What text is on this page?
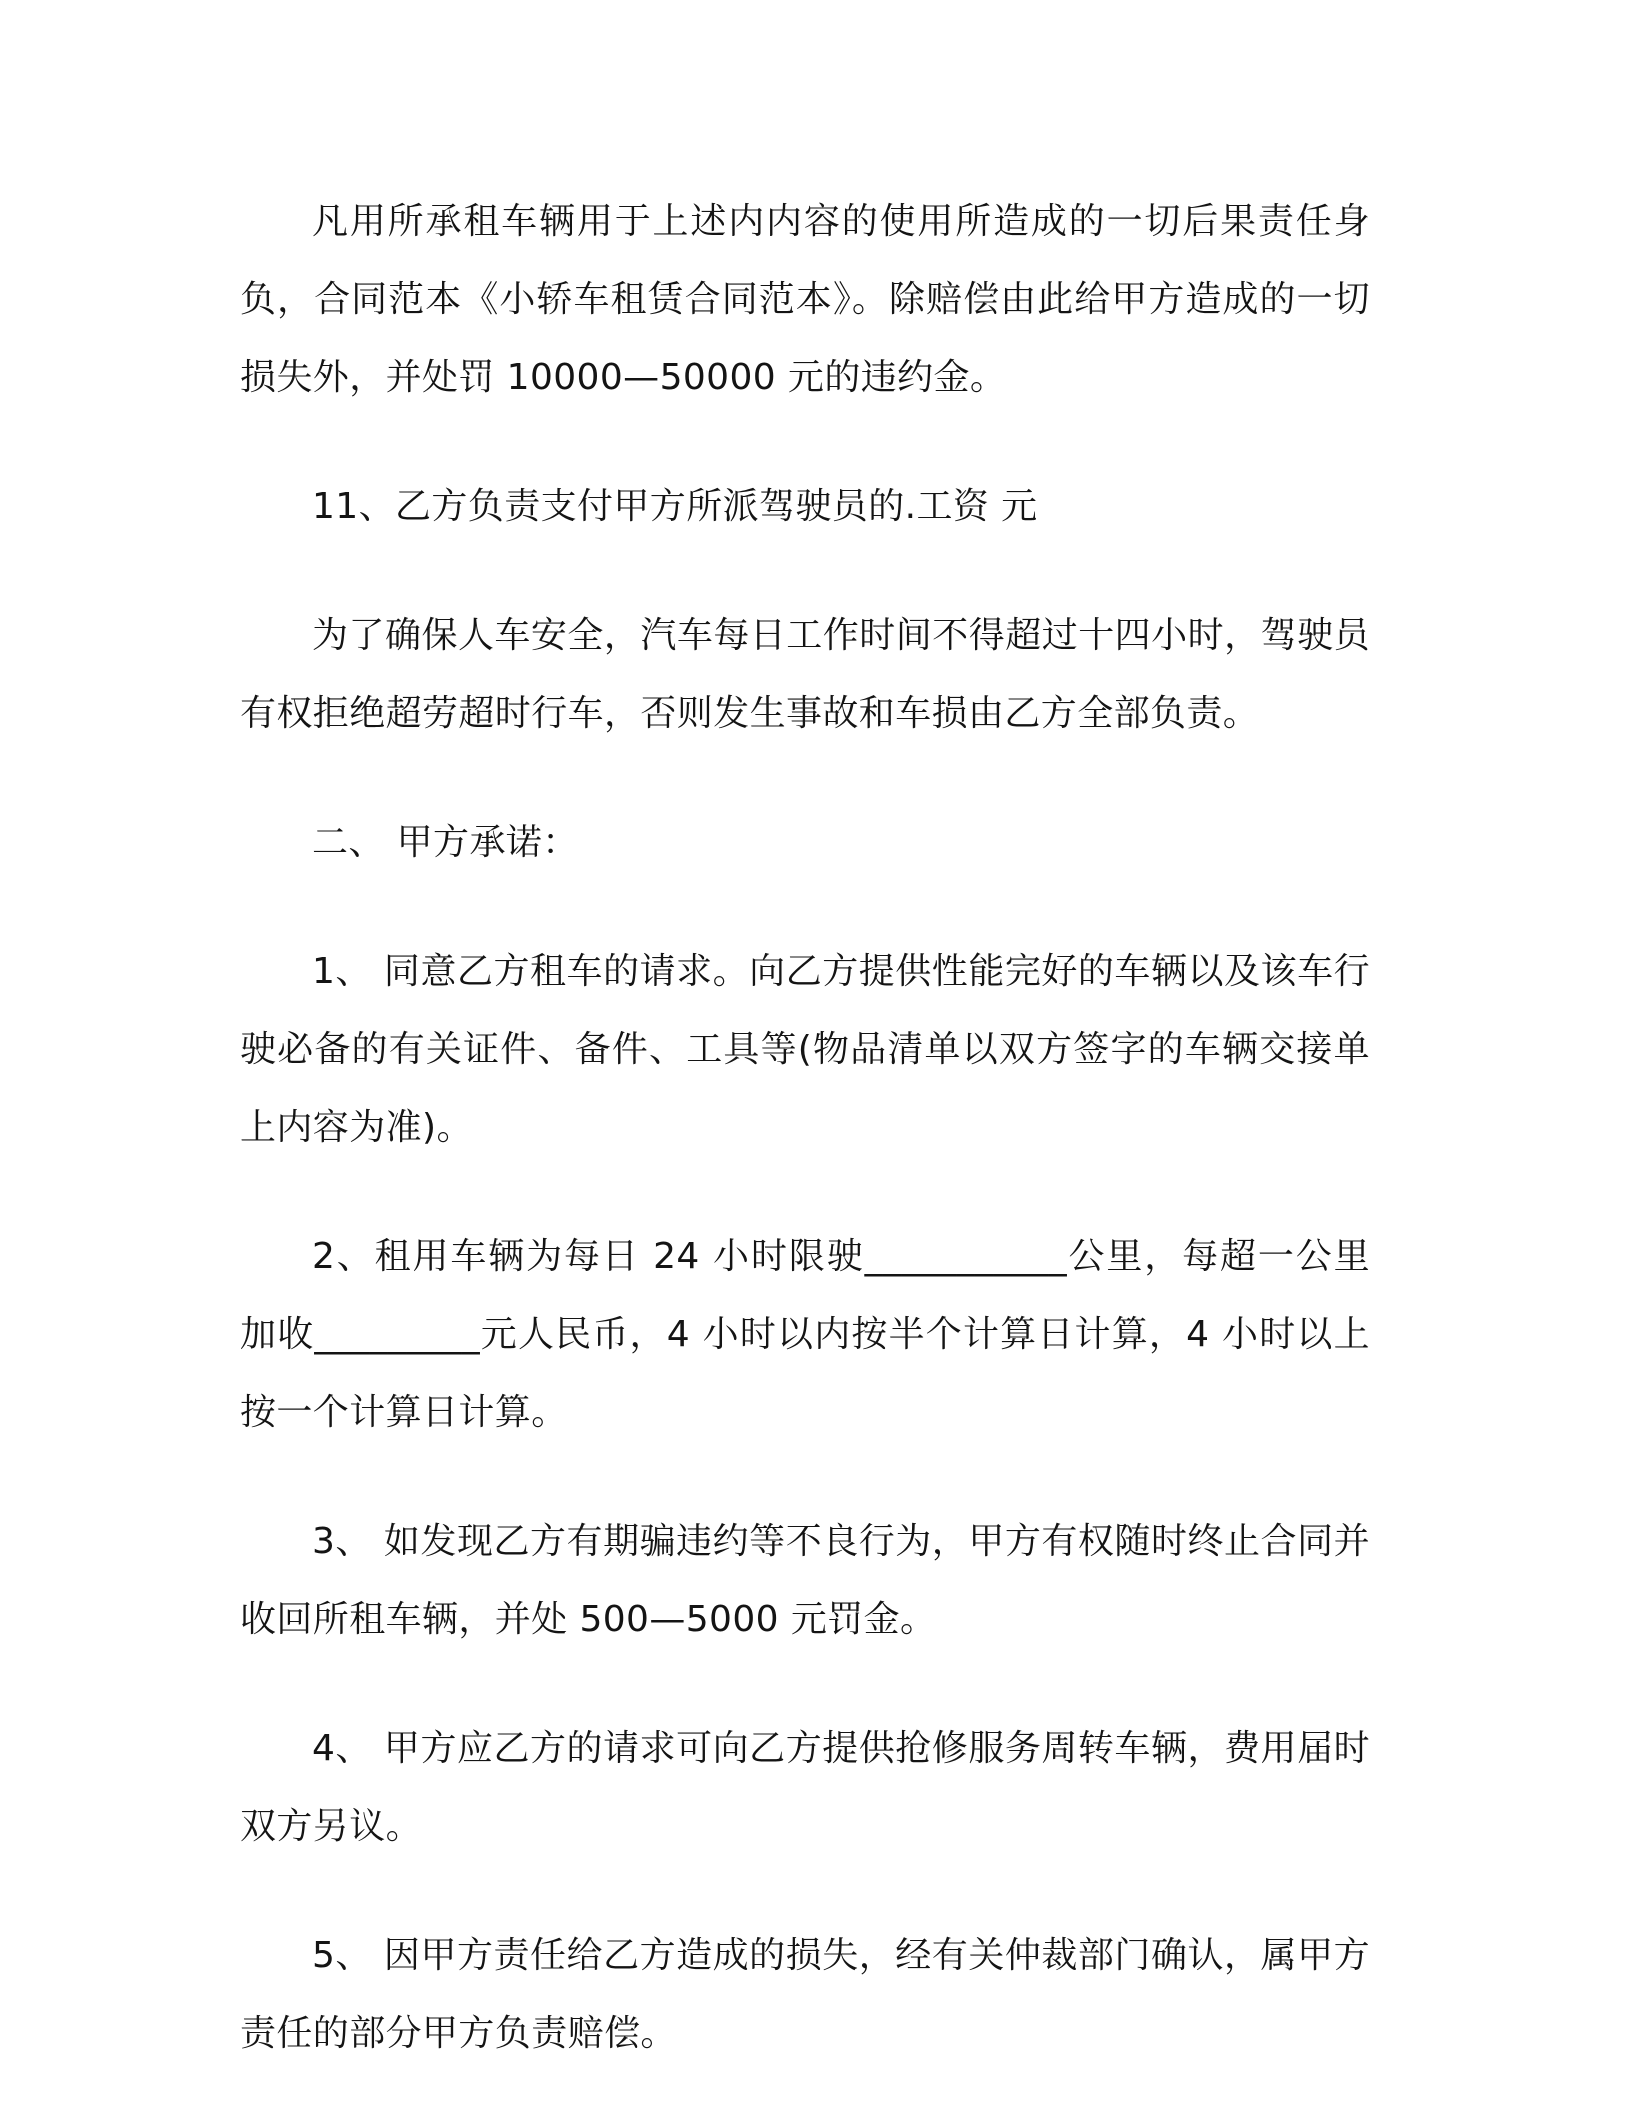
凡用所承租车辆用于上述内内容的使用所造成的一切后果责任身负，合同范本《小轿车租赁合同范本》。除赔偿由此给甲方造成的一切损失外，并处罚 10000—50000 元的违约金。

11、乙方负责支付甲方所派驾驶员的.工资 元

为了确保人车安全，汽车每日工作时间不得超过十四小时，驾驶员有权拒绝超劳超时行车，否则发生事故和车损由乙方全部负责。

二、 甲方承诺：

1、 同意乙方租车的请求。向乙方提供性能完好的车辆以及该车行驶必备的有关证件、备件、工具等(物品清单以双方签字的车辆交接单上内容为准)。

2、租用车辆为每日 24 小时限驶___________公里，每超一公里加收_________元人民币，4 小时以内按半个计算日计算，4 小时以上按一个计算日计算。

3、 如发现乙方有期骗违约等不良行为，甲方有权随时终止合同并收回所租车辆，并处 500—5000 元罚金。

4、 甲方应乙方的请求可向乙方提供抢修服务周转车辆，费用届时双方另议。

5、 因甲方责任给乙方造成的损失，经有关仲裁部门确认，属甲方责任的部分甲方负责赔偿。
